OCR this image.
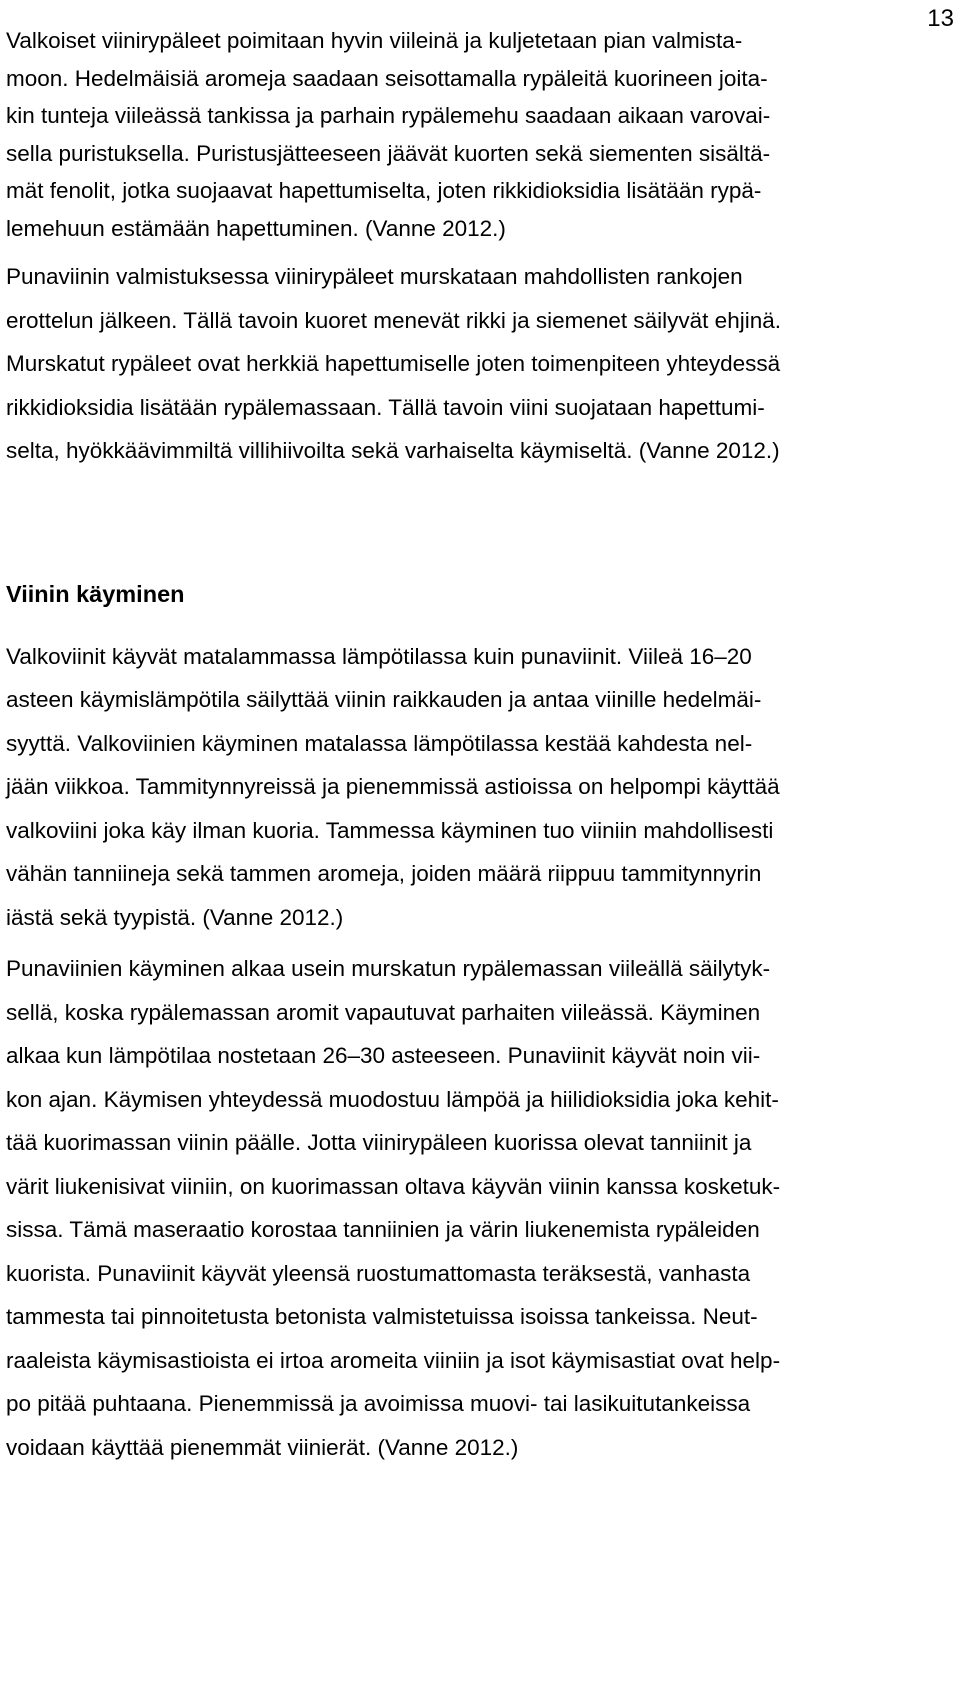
13
Valkoiset viinirypäleet poimitaan hyvin viileinä ja kuljetetaan pian valmista-
moon. Hedelmäisiä aromeja saadaan seisottamalla rypäleitä kuorineen joita-
kin tunteja viileässä tankissa ja parhain rypälemehu saadaan aikaan varovai-
sella puristuksella. Puristusjätteeseen jäävät kuorten sekä siementen sisältä-
mät fenolit, jotka suojaavat hapettumiselta, joten rikkidioksidia lisätään rypä-
lemehuun estämään hapettuminen. (Vanne 2012.)
Punaviinin valmistuksessa viinirypäleet murskataan mahdollisten rankojen
erottelun jälkeen. Tällä tavoin kuoret menevät rikki ja siemenet säilyvät ehjinä.
Murskatut rypäleet ovat herkkiä hapettumiselle joten toimenpiteen yhteydessä
rikkidioksidia lisätään rypälemassaan. Tällä tavoin viini suojataan hapettumi-
selta, hyökkäävimmiltä villihiivoilta sekä varhaiselta käymiseltä. (Vanne 2012.)
Viinin käyminen
Valkoviinit käyvät matalammassa lämpötilassa kuin punaviinit. Viileä 16–20
asteen käymislämpötila säilyttää viinin raikkauden ja antaa viinille hedelmäi-
syyttä. Valkoviinien käyminen matalassa lämpötilassa kestää kahdesta nel-
jään viikkoa. Tammitynnyreissä ja pienemmissä astioissa on helpompi käyttää
valkoviini joka käy ilman kuoria. Tammessa käyminen tuo viiniin mahdollisesti
vähän tanniineja sekä tammen aromeja, joiden määrä riippuu tammitynnyrin
iästä sekä tyypistä. (Vanne 2012.)
Punaviinien käyminen alkaa usein murskatun rypälemassan viileällä säilytyk-
sellä, koska rypälemassan aromit vapautuvat parhaiten viileässä. Käyminen
alkaa kun lämpötilaa nostetaan 26–30 asteeseen. Punaviinit käyvät noin vii-
kon ajan. Käymisen yhteydessä muodostuu lämpöä ja hiilidioksidia joka kehit-
tää kuorimassan viinin päälle. Jotta viinirypäleen kuorissa olevat tanniinit ja
värit liukenisivat viiniin, on kuorimassan oltava käyvän viinin kanssa kosketuk-
sissa. Tämä maseraatio korostaa tanniinien ja värin liukenemista rypäleiden
kuorista. Punaviinit käyvät yleensä ruostumattomasta teräksestä, vanhasta
tammesta tai pinnoitetusta betonista valmistetuissa isoissa tankeissa. Neut-
raaleista käymisastioista ei irtoa aromeita viiniin ja isot käymisastiat ovat help-
po pitää puhtaana. Pienemmissä ja avoimissa muovi- tai lasikuitutankeissa
voidaan käyttää pienemmät viinierät. (Vanne 2012.)
